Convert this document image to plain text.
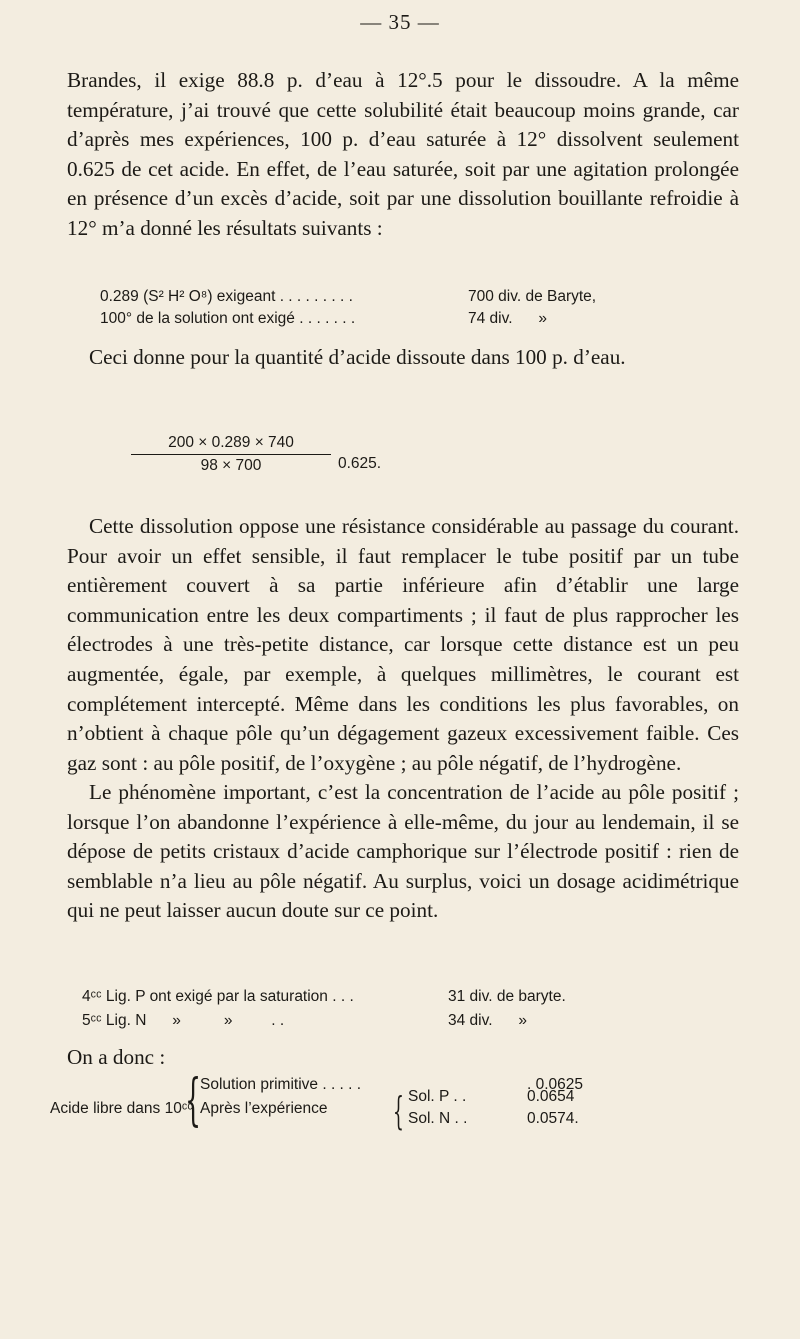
— 35 —

Brandes, il exige 88.8 p. d’eau à 12°.5 pour le dissoudre. A la même température, j’ai trouvé que cette solubilité était beaucoup moins grande, car d’après mes expériences, 100 p. d’eau saturée à 12° dissolvent seulement 0.625 de cet acide. En effet, de l’eau saturée, soit par une agitation prolongée en présence d’un excès d’acide, soit par une dissolution bouillante refroidie à 12° m’a donné les résultats suivants :

0.289 (S² H² O⁸) exigeant . . . . . . . . .	700 div. de Baryte,
100° de la solution ont exigé . . . . . . .	74 div.      »

Ceci donne pour la quantité d’acide dissoute dans 100 p. d’eau.

$\frac{200 \times 0.289 \times 740}{98 \times 700} 0.625$.

Cette dissolution oppose une résistance considérable au passage du courant. Pour avoir un effet sensible, il faut remplacer le tube positif par un tube entièrement couvert à sa partie inférieure afin d’établir une large communication entre les deux compartiments ; il faut de plus rapprocher les électrodes à une très-petite distance, car lorsque cette distance est un peu augmentée, égale, par exemple, à quelques millimètres, le courant est complétement intercepté. Même dans les conditions les plus favorables, on n’obtient à chaque pôle qu’un dégagement gazeux excessivement faible. Ces gaz sont : au pôle positif, de l’oxygène ; au pôle négatif, de l’hydrogène.

Le phénomène important, c’est la concentration de l’acide au pôle positif ; lorsque l’on abandonne l’expérience à elle-même, du jour au lendemain, il se dépose de petits cristaux d’acide camphorique sur l’électrode positif : rien de semblable n’a lieu au pôle négatif. Au surplus, voici un dosage acidimétrique qui ne peut laisser aucun doute sur ce point.

4ᶜᶜ Lig. P ont exigé par la saturation . . .	31 div. de baryte.
5ᶜᶜ Lig. N      »          »         . .	34 div.      »
On a donc :
Acide libre dans 10ᶜᶜ
{
Solution primitive . . . . .	. 0.0625
Après l’expérience { Sol. P . .	0.0654
Sol. N . .	0.0574.
